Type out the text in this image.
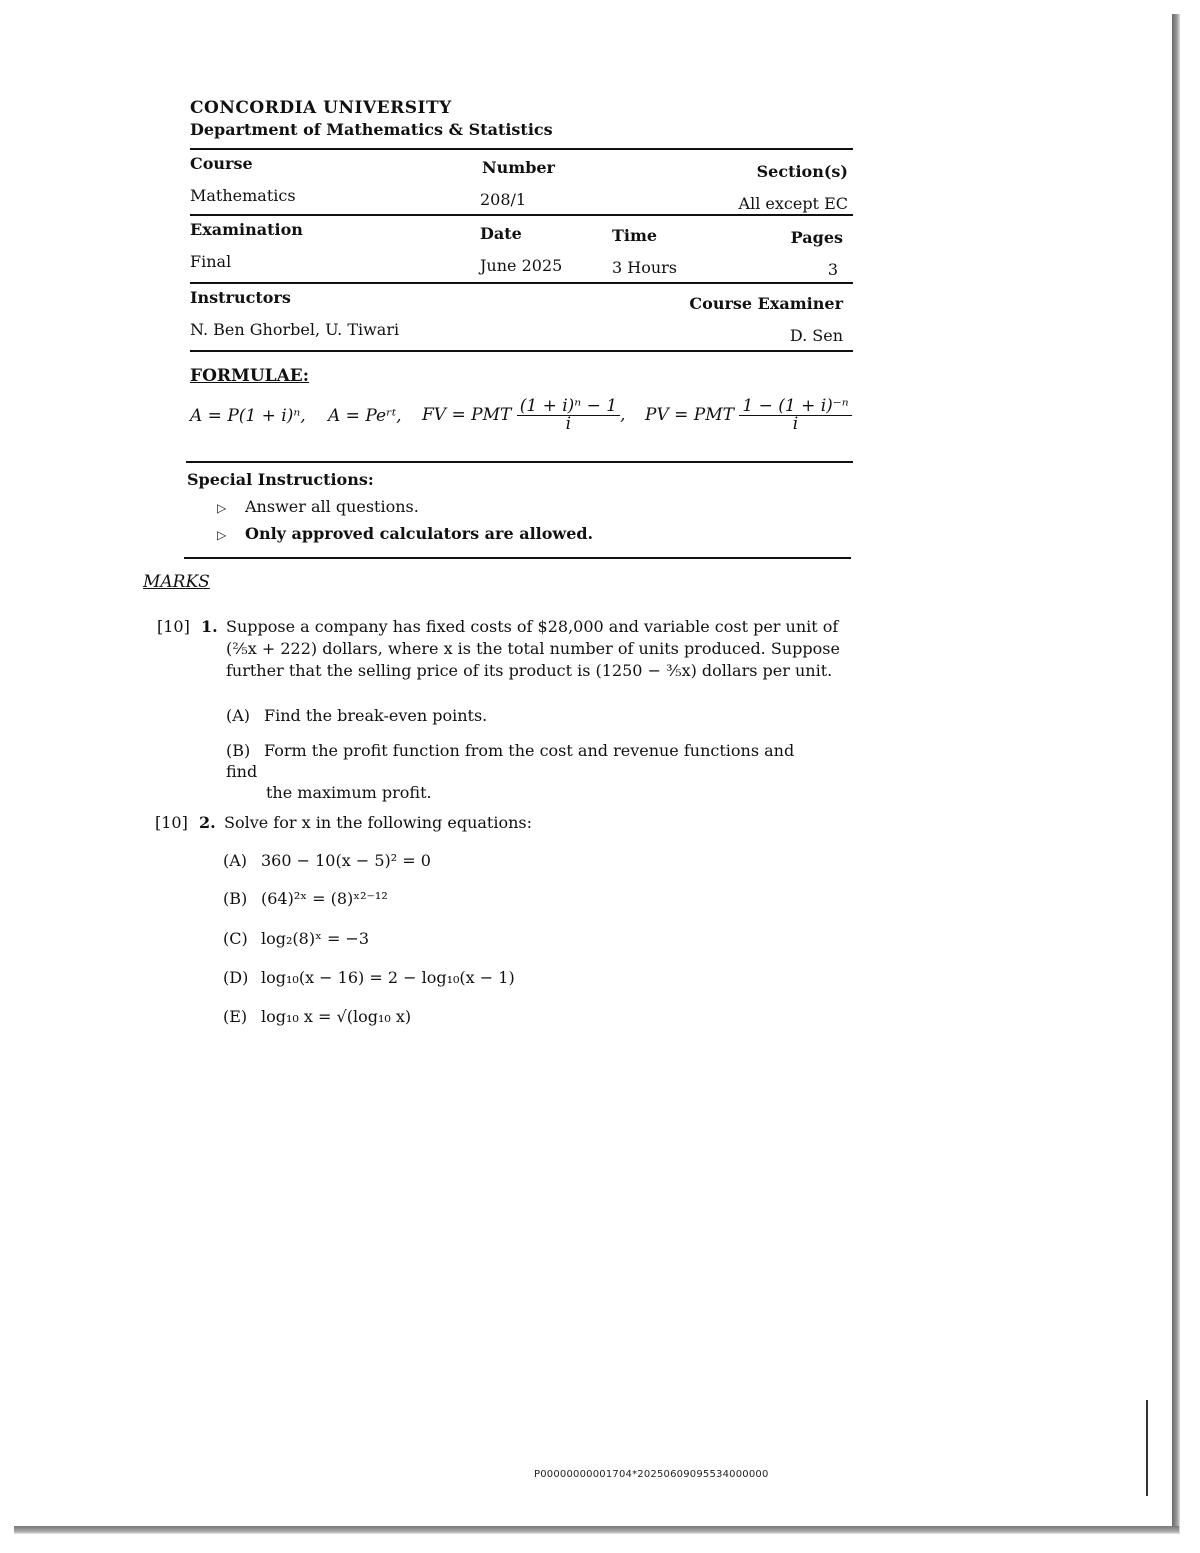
CONCORDIA UNIVERSITY
Department of Mathematics & Statistics
Course	Number	Section(s)
Mathematics	208/1	All except EC
Examination	Date	Time	Pages
Final	June 2025	3 Hours	3
Instructors	Course Examiner
N. Ben Ghorbel, U. Tiwari	D. Sen
FORMULAE:
A = P(1 + i)ⁿ, A = Peʳᵗ, FV = PMT $\frac{\text{(1 + i)ⁿ − 1}}{i}$ , PV = PMT $\frac{\text{1 − (1 + i)⁻ⁿ}}{i}$
Special Instructions:
▷ Answer all questions.
▷ Only approved calculators are allowed.
MARKS
[10] 1. Suppose a company has fixed costs of $28,000 and variable cost per unit of
(⅖x + 222) dollars, where x is the total number of units produced. Suppose
further that the selling price of its product is (1250 − ⅗x) dollars per unit.
(A) Find the break-even points.
(B) Form the profit function from the cost and revenue functions and find
the maximum profit.
[10] 2. Solve for x in the following equations:
(A) 360 − 10(x − 5)² = 0
(B) (64)²ˣ = (8)ˣ²⁻¹²
(C) log₂(8)ˣ = −3
(D) log₁₀(x − 16) = 2 − log₁₀(x − 1)
(E) log₁₀ x = √(log₁₀ x)
P00000000001704*20250609095534000000
